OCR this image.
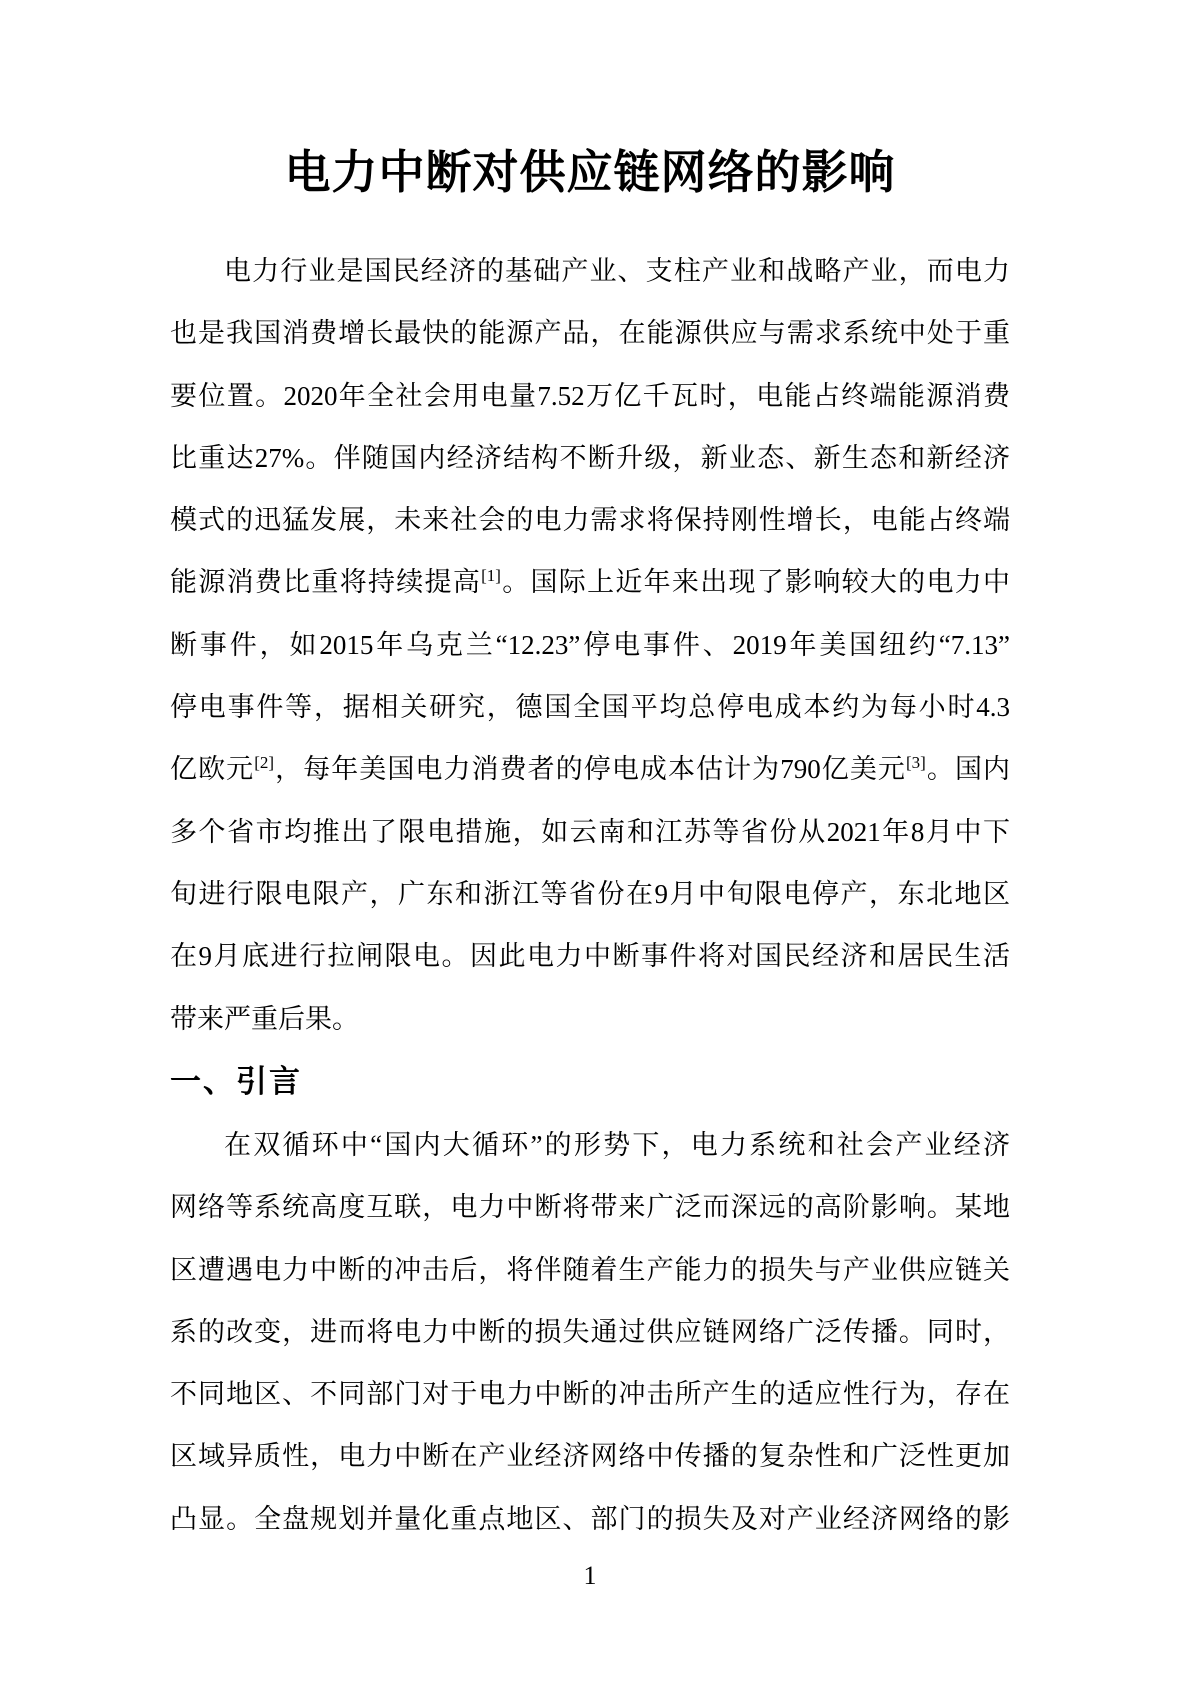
电力中断对供应链网络的影响
电力行业是国民经济的基础产业、支柱产业和战略产业，而电力
也是我国消费增长最快的能源产品，在能源供应与需求系统中处于重
要位置。2020年全社会用电量7.52万亿千瓦时，电能占终端能源消费
比重达27%。伴随国内经济结构不断升级，新业态、新生态和新经济
模式的迅猛发展，未来社会的电力需求将保持刚性增长，电能占终端
能源消费比重将持续提高[1]。国际上近年来出现了影响较大的电力中
断事件，如2015年乌克兰“12.23”停电事件、2019年美国纽约“7.13”
停电事件等，据相关研究，德国全国平均总停电成本约为每小时4.3
亿欧元[2]，每年美国电力消费者的停电成本估计为790亿美元[3]。国内
多个省市均推出了限电措施，如云南和江苏等省份从2021年8月中下
旬进行限电限产，广东和浙江等省份在9月中旬限电停产，东北地区
在9月底进行拉闸限电。因此电力中断事件将对国民经济和居民生活
带来严重后果。
一、引言
在双循环中“国内大循环”的形势下，电力系统和社会产业经济
网络等系统高度互联，电力中断将带来广泛而深远的高阶影响。某地
区遭遇电力中断的冲击后，将伴随着生产能力的损失与产业供应链关
系的改变，进而将电力中断的损失通过供应链网络广泛传播。同时，
不同地区、不同部门对于电力中断的冲击所产生的适应性行为，存在
区域异质性，电力中断在产业经济网络中传播的复杂性和广泛性更加
凸显。全盘规划并量化重点地区、部门的损失及对产业经济网络的影
1
